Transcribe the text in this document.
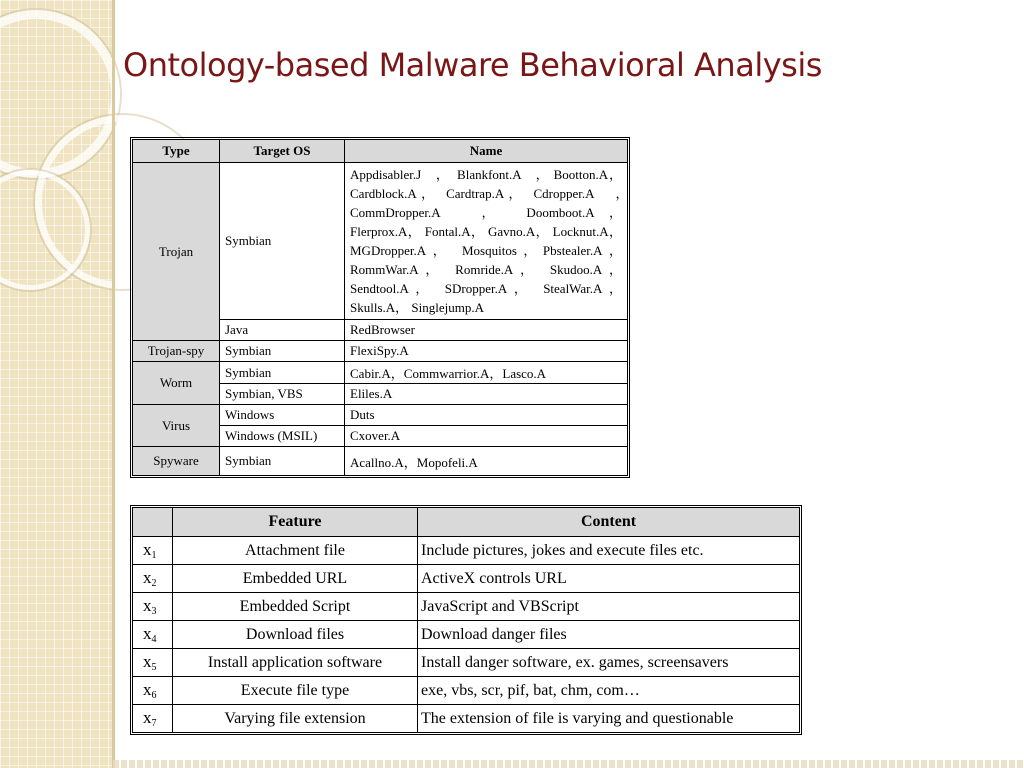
Ontology-based Malware Behavioral Analysis
Type	Target OS	Name
Trojan	Symbian	Appdisabler.J　，　Blankfont.A　， Bootton.A， Cardblock.A， Cardtrap.A， Cdropper.A　，　CommDropper.A　， Doomboot.A， Flerprox.A， Fontal.A， Gavno.A， Locknut.A，MGDropper.A， Mosquitos，Pbstealer.A，RommWar.A， Romride.A， Skudoo.A， Sendtool.A， SDropper.A， StealWar.A， Skulls.A， Singlejump.A
	Java	RedBrowser
Trojan-spy	Symbian	FlexiSpy.A
Worm	Symbian	Cabir.A，Commwarrior.A，Lasco.A
	Symbian, VBS	Eliles.A
Virus	Windows	Duts
	Windows (MSIL)	Cxover.A
Spyware	Symbian	Acallno.A，Mopofeli.A
	Feature	Content
$x_1$	Attachment file	Include pictures, jokes and execute files etc.
$x_2$	Embedded URL	ActiveX controls URL
$x_3$	Embedded Script	JavaScript and VBScript
$x_4$	Download files	Download danger files
$x_5$	Install application software	Install danger software, ex. games, screensavers
$x_6$	Execute file type	exe, vbs, scr, pif, bat, chm, com…
$x_7$	Varying file extension	The extension of file is varying and questionable
